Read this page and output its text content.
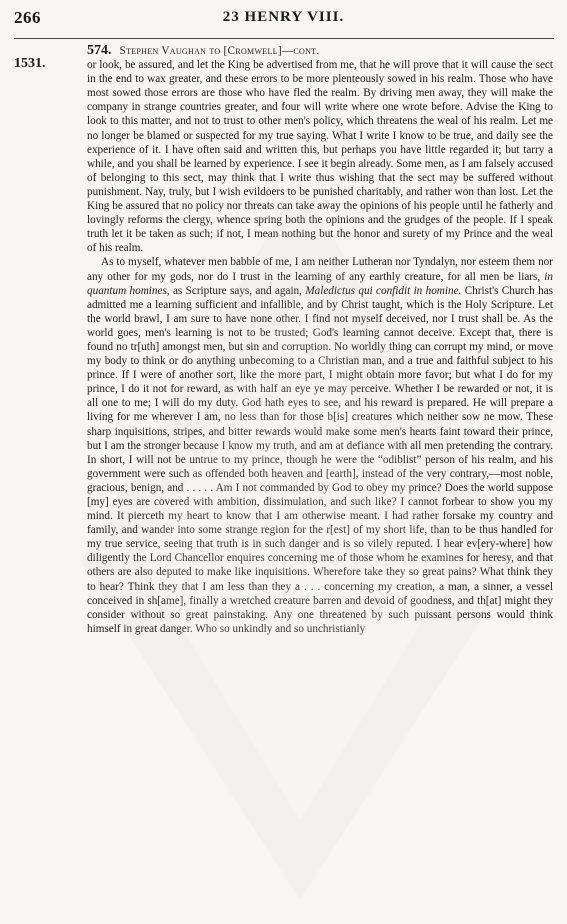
266	23 HENRY VIII.
1531.

574. Stephen Vaughan to [Cromwell]—cont.

or look, be assured, and let the King be advertised from me, that he will prove that it will cause the sect in the end to wax greater, and these errors to be more plenteously sowed in his realm. Those who have most sowed those errors are those who have fled the realm. By driving men away, they will make the company in strange countries greater, and four will write where one wrote before. Advise the King to look to this matter, and not to trust to other men's policy, which threatens the weal of his realm. Let me no longer be blamed or suspected for my true saying. What I write I know to be true, and daily see the experience of it. I have often said and written this, but perhaps you have little regarded it; but tarry a while, and you shall be learned by experience. I see it begin already. Some men, as I am falsely accused of belonging to this sect, may think that I write thus wishing that the sect may be suffered without punishment. Nay, truly, but I wish evildoers to be punished charitably, and rather won than lost. Let the King be assured that no policy nor threats can take away the opinions of his people until he fatherly and lovingly reforms the clergy, whence spring both the opinions and the grudges of the people. If I speak truth let it be taken as such; if not, I mean nothing but the honor and surety of my Prince and the weal of his realm.

As to myself, whatever men babble of me, I am neither Lutheran nor Tyndalyn, nor esteem them nor any other for my gods, nor do I trust in the learning of any earthly creature, for all men be liars, in quantum homines, as Scripture says, and again, Maledictus qui confidit in homine. Christ's Church has admitted me a learning sufficient and infallible, and by Christ taught, which is the Holy Scripture. Let the world brawl, I am sure to have none other. I find not myself deceived, nor I trust shall be. As the world goes, men's learning is not to be trusted; God's learning cannot deceive. Except that, there is found no tr[uth] amongst men, but sin and corruption. No worldly thing can corrupt my mind, or move my body to think or do anything unbecoming to a Christian man, and a true and faithful subject to his prince. If I were of another sort, like the more part, I might obtain more favor; but what I do for my prince, I do it not for reward, as with half an eye ye may perceive. Whether I be rewarded or not, it is all one to me; I will do my duty. God hath eyes to see, and his reward is prepared. He will prepare a living for me wherever I am, no less than for those b[is] creatures which neither sow ne mow. These sharp inquisitions, stripes, and bitter rewards would make some men's hearts faint toward their prince, but I am the stronger because I know my truth, and am at defiance with all men pretending the contrary. In short, I will not be untrue to my prince, though he were the “odiblist” person of his realm, and his government were such as offended both heaven and [earth], instead of the very contrary,—most noble, gracious, benign, and . . . . . Am I not commanded by God to obey my prince? Does the world suppose [my] eyes are covered with ambition, dissimulation, and such like? I cannot forbear to show you my mind. It pierceth my heart to know that I am otherwise meant. I had rather forsake my country and family, and wander into some strange region for the r[est] of my short life, than to be thus handled for my true service, seeing that truth is in such danger and is so vilely reputed. I hear ev[ery-where] how diligently the Lord Chancellor enquires concerning me of those whom he examines for heresy, and that others are also deputed to make like inquisitions. Wherefore take they so great pains? What think they to hear? Think they that I am less than they a . . . concerning my creation, a man, a sinner, a vessel conceived in sh[ame], finally a wretched creature barren and devoid of goodness, and th[at] might they consider without so great painstaking. Any one threatened by such puissant persons would think himself in great danger. Who so unkindly and so unchristianly
